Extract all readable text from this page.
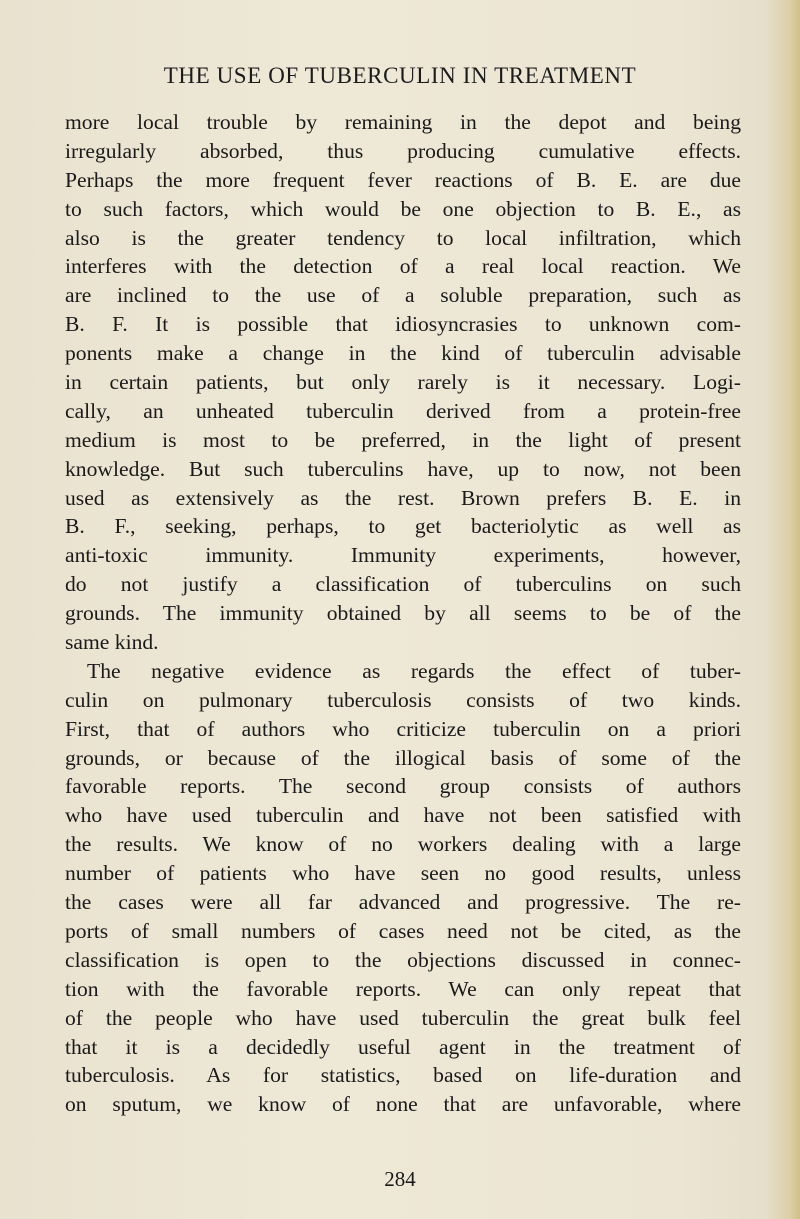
THE USE OF TUBERCULIN IN TREATMENT
more local trouble by remaining in the depot and being
irregularly absorbed, thus producing cumulative effects.
Perhaps the more frequent fever reactions of B. E. are due
to such factors, which would be one objection to B. E., as
also is the greater tendency to local infiltration, which
interferes with the detection of a real local reaction. We
are inclined to the use of a soluble preparation, such as
B. F. It is possible that idiosyncrasies to unknown com-
ponents make a change in the kind of tuberculin advisable
in certain patients, but only rarely is it necessary. Logi-
cally, an unheated tuberculin derived from a protein-free
medium is most to be preferred, in the light of present
knowledge. But such tuberculins have, up to now, not been
used as extensively as the rest. Brown prefers B. E. in
B. F., seeking, perhaps, to get bacteriolytic as well as
anti-toxic immunity. Immunity experiments, however,
do not justify a classification of tuberculins on such
grounds. The immunity obtained by all seems to be of the
same kind.
The negative evidence as regards the effect of tuber-
culin on pulmonary tuberculosis consists of two kinds.
First, that of authors who criticize tuberculin on a priori
grounds, or because of the illogical basis of some of the
favorable reports. The second group consists of authors
who have used tuberculin and have not been satisfied with
the results. We know of no workers dealing with a large
number of patients who have seen no good results, unless
the cases were all far advanced and progressive. The re-
ports of small numbers of cases need not be cited, as the
classification is open to the objections discussed in connec-
tion with the favorable reports. We can only repeat that
of the people who have used tuberculin the great bulk feel
that it is a decidedly useful agent in the treatment of
tuberculosis. As for statistics, based on life-duration and
on sputum, we know of none that are unfavorable, where
284
